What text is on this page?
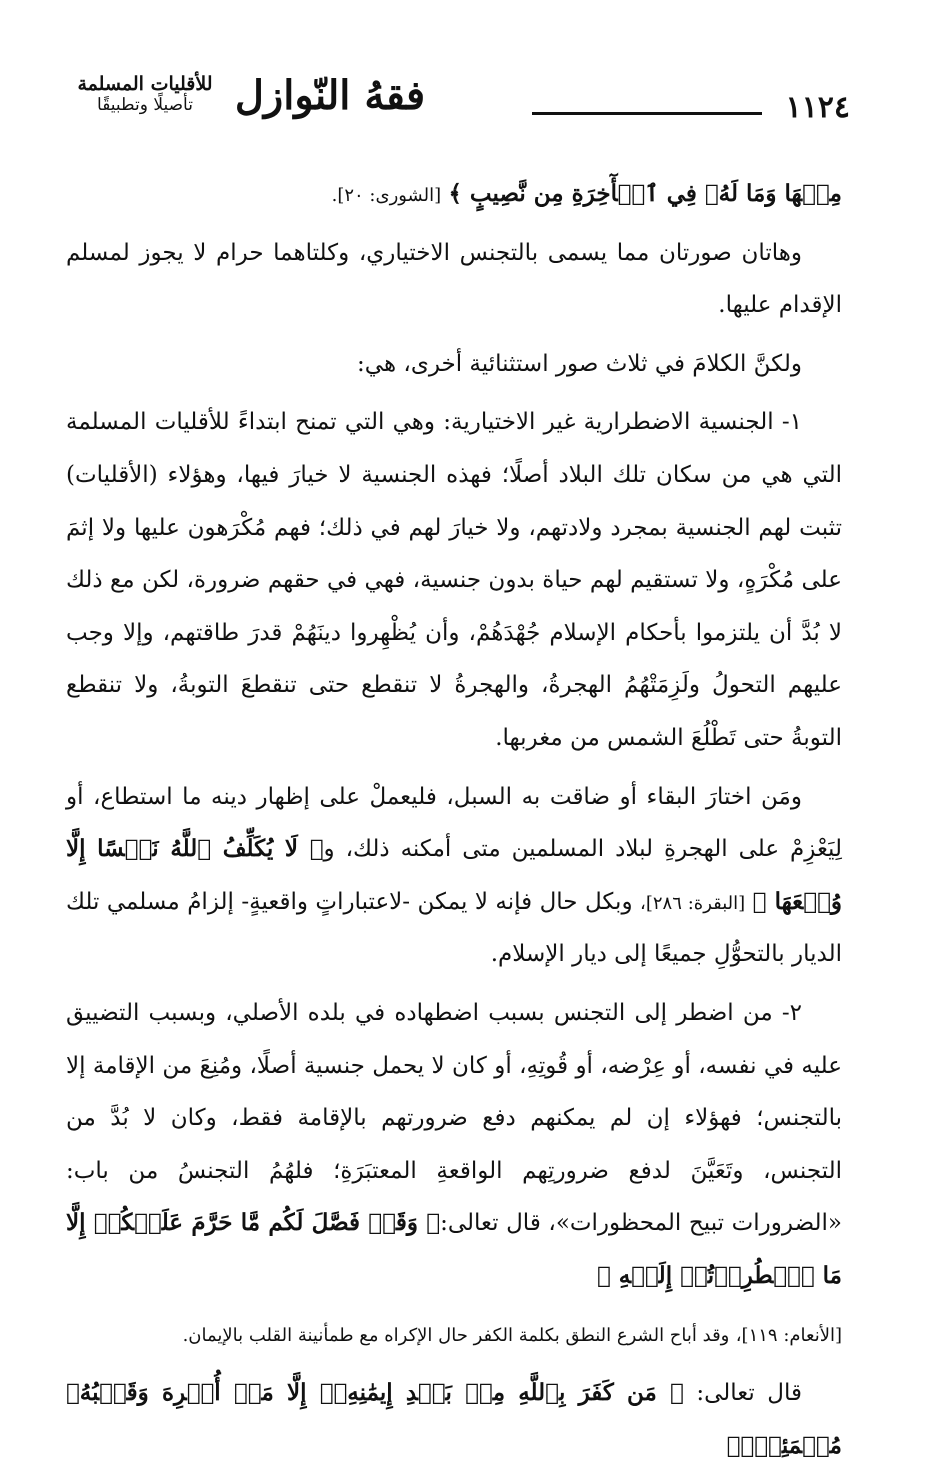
١١٢٤
فقهُ النّوازل
للأقليات المسلمة
تأصيلًا وتطبيقًا

مِنۡهَا وَمَا لَهُۥ فِي ٱلۡأٓخِرَةِ مِن نَّصِيبٍ ﴾ [الشورى: ٢٠].

وهاتان صورتان مما يسمى بالتجنس الاختياري، وكلتاهما حرام لا يجوز لمسلم الإقدام عليها.

ولكنَّ الكلامَ في ثلاث صور استثنائية أخرى، هي:

١- الجنسية الاضطرارية غير الاختيارية: وهي التي تمنح ابتداءً للأقليات المسلمة التي هي من سكان تلك البلاد أصلًا؛ فهذه الجنسية لا خيارَ فيها، وهؤلاء (الأقليات) تثبت لهم الجنسية بمجرد ولادتهم، ولا خيارَ لهم في ذلك؛ فهم مُكْرَهون عليها ولا إثمَ على مُكْرَهٍ، ولا تستقيم لهم حياة بدون جنسية، فهي في حقهم ضرورة، لكن مع ذلك لا بُدَّ أن يلتزموا بأحكام الإسلام جُهْدَهُمْ، وأن يُظْهِروا دينَهُمْ قدرَ طاقتهم، وإلا وجب عليهم التحولُ ولَزِمَتْهُمُ الهجرةُ، والهجرةُ لا تنقطع حتى تنقطعَ التوبةُ، ولا تنقطع التوبةُ حتى تَطْلُعَ الشمس من مغربها.

ومَن اختارَ البقاء أو ضاقت به السبل، فليعملْ على إظهار دينه ما استطاع، أو لِيَعْزِمْ على الهجرةِ لبلاد المسلمين متى أمكنه ذلك، و﴿ لَا يُكَلِّفُ ٱللَّهُ نَفۡسًا إِلَّا وُسۡعَهَا ﴾ [البقرة: ٢٨٦]، وبكل حال فإنه لا يمكن -لاعتباراتٍ واقعيةٍ- إلزامُ مسلمي تلك الديار بالتحوُّلِ جميعًا إلى ديار الإسلام.

٢- من اضطر إلى التجنس بسبب اضطهاده في بلده الأصلي، وبسبب التضييق عليه في نفسه، أو عِرْضه، أو قُوتِهِ، أو كان لا يحمل جنسية أصلًا، ومُنِعَ من الإقامة إلا بالتجنس؛ فهؤلاء إن لم يمكنهم دفع ضرورتهم بالإقامة فقط، وكان لا بُدَّ من التجنس، وتَعَيَّنَ لدفع ضرورتِهم الواقعةِ المعتبَرَةِ؛ فلهُمُ التجنسُ من باب: «الضرورات تبيح المحظورات»، قال تعالى:﴿ وَقَدۡ فَصَّلَ لَكُم مَّا حَرَّمَ عَلَيۡكُمۡ إِلَّا مَا ٱضۡطُرِرۡتُمۡ إِلَيۡهِ ﴾

[الأنعام: ١١٩]، وقد أباح الشرع النطق بكلمة الكفر حال الإكراه مع طمأنينة القلب بالإيمان.

قال تعالى: ﴿ مَن كَفَرَ بِٱللَّهِ مِنۢ بَعۡدِ إِيمَٰنِهِۦٓ إِلَّا مَنۡ أُكۡرِهَ وَقَلۡبُهُۥ مُطۡمَئِنُّۢ
